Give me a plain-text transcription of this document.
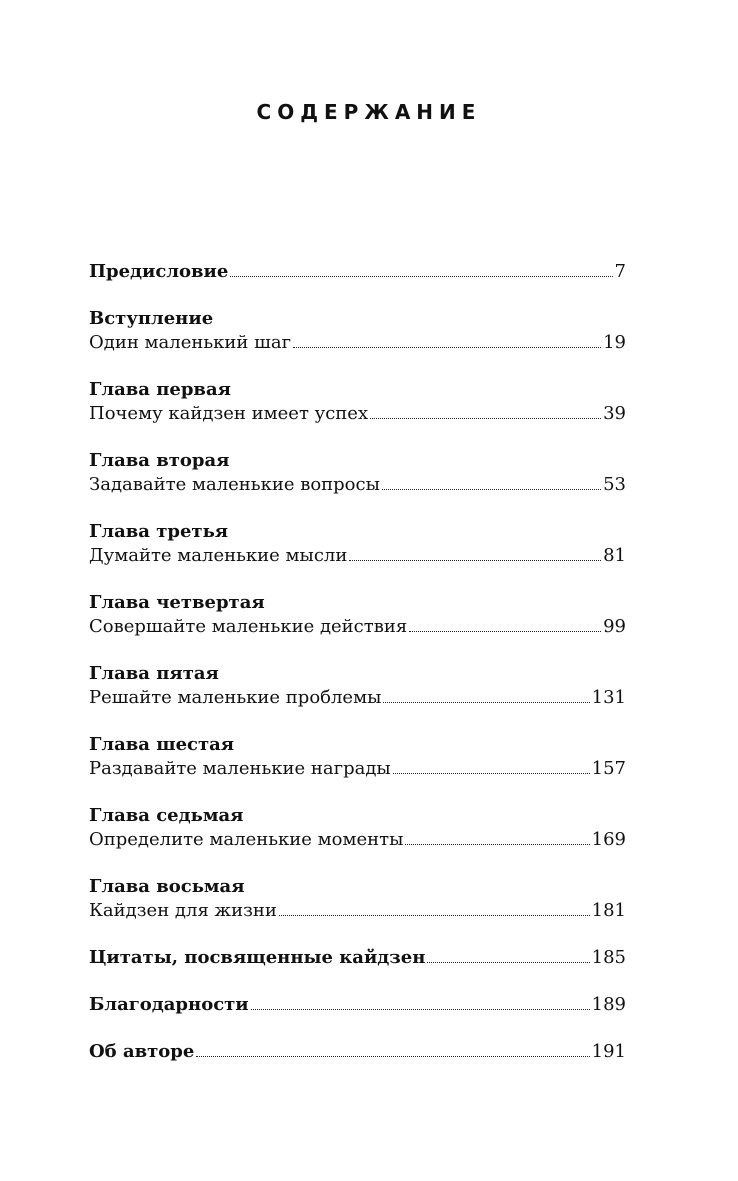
СОДЕРЖАНИЕ
Предисловие	7
Вступление
Один маленький шаг	19
Глава первая
Почему кайдзен имеет успех	39
Глава вторая
Задавайте маленькие вопросы	53
Глава третья
Думайте маленькие мысли	81
Глава четвертая
Совершайте маленькие действия	99
Глава пятая
Решайте маленькие проблемы	131
Глава шестая
Раздавайте маленькие награды	157
Глава седьмая
Определите маленькие моменты	169
Глава восьмая
Кайдзен для жизни	181
Цитаты, посвященные кайдзен	185
Благодарности	189
Об авторе	191
